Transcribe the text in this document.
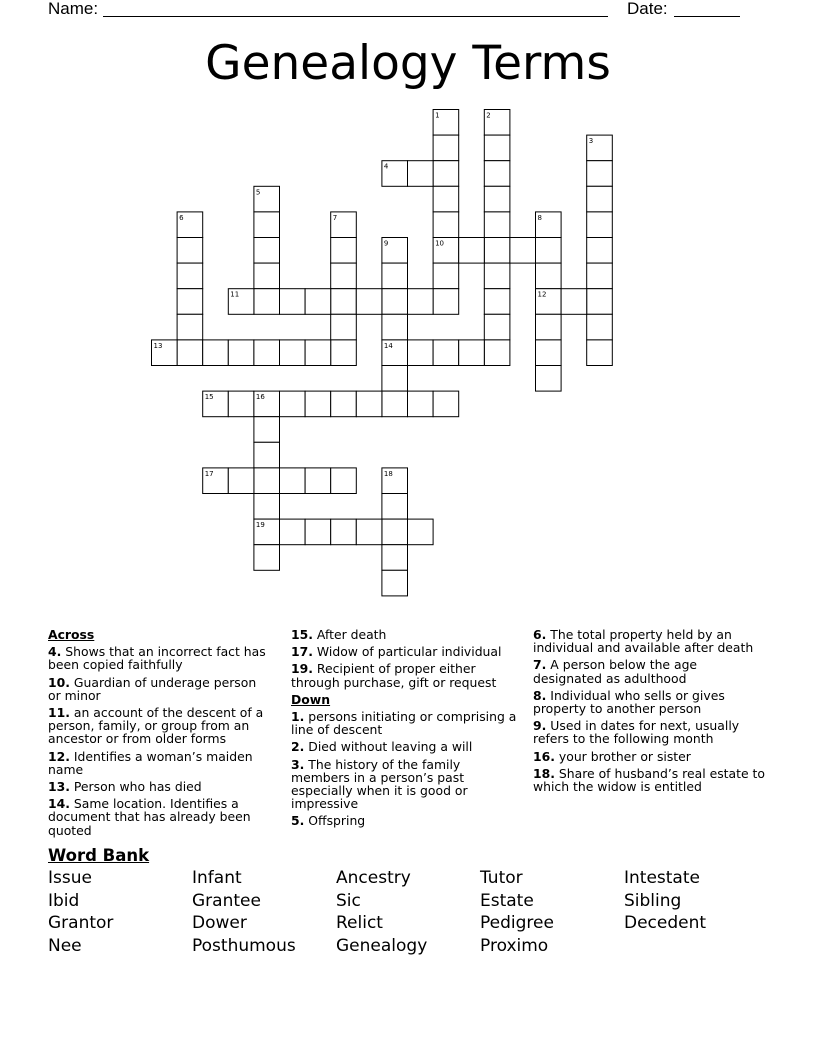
Name:	Date:
Genealogy Terms
1	2
3
4
5
6	7	8
9	10
11	12
13	14
15	16
17	18
19
Across
4. Shows that an incorrect fact has been copied faithfully
10. Guardian of underage person or minor
11. an account of the descent of a person, family, or group from an ancestor or from older forms
12. Identifies a woman’s maiden name
13. Person who has died
14. Same location. Identifies a document that has already been quoted
15. After death
17. Widow of particular individual
19. Recipient of proper either through purchase, gift or request
Down
1. persons initiating or comprising a line of descent
2. Died without leaving a will
3. The history of the family members in a person’s past especially when it is good or impressive
5. Offspring
6. The total property held by an individual and available after death
7. A person below the age designated as adulthood
8. Individual who sells or gives property to another person
9. Used in dates for next, usually refers to the following month
16. your brother or sister
18. Share of husband’s real estate to which the widow is entitled
Word Bank
Issue	Infant	Ancestry	Tutor	Intestate
Ibid	Grantee	Sic	Estate	Sibling
Grantor	Dower	Relict	Pedigree	Decedent
Nee	Posthumous	Genealogy	Proximo
